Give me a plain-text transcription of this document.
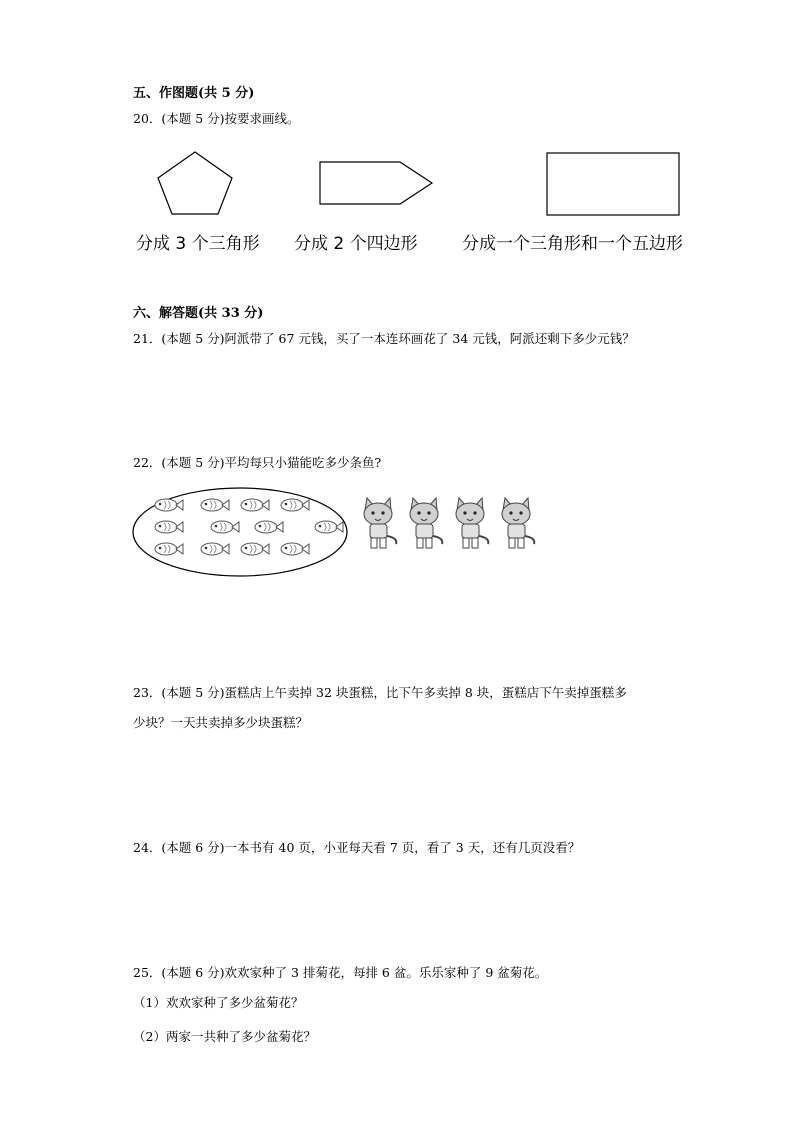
五、作图题(共 5 分)
20．(本题 5 分)按要求画线。
分成 3 个三角形 分成 2 个四边形	分成一个三角形和一个五边形
六、解答题(共 33 分)
21．(本题 5 分)阿派带了 67 元钱，买了一本连环画花了 34 元钱，阿派还剩下多少元钱？
22．(本题 5 分)平均每只小猫能吃多少条鱼?
23．(本题 5 分)蛋糕店上午卖掉 32 块蛋糕，比下午多卖掉 8 块，蛋糕店下午卖掉蛋糕多
少块？一天共卖掉多少块蛋糕？
24．(本题 6 分)一本书有 40 页，小亚每天看 7 页，看了 3 天，还有几页没看？
25．(本题 6 分)欢欢家种了 3 排菊花，每排 6 盆。乐乐家种了 9 盆菊花。
（1）欢欢家种了多少盆菊花？
（2）两家一共种了多少盆菊花？
